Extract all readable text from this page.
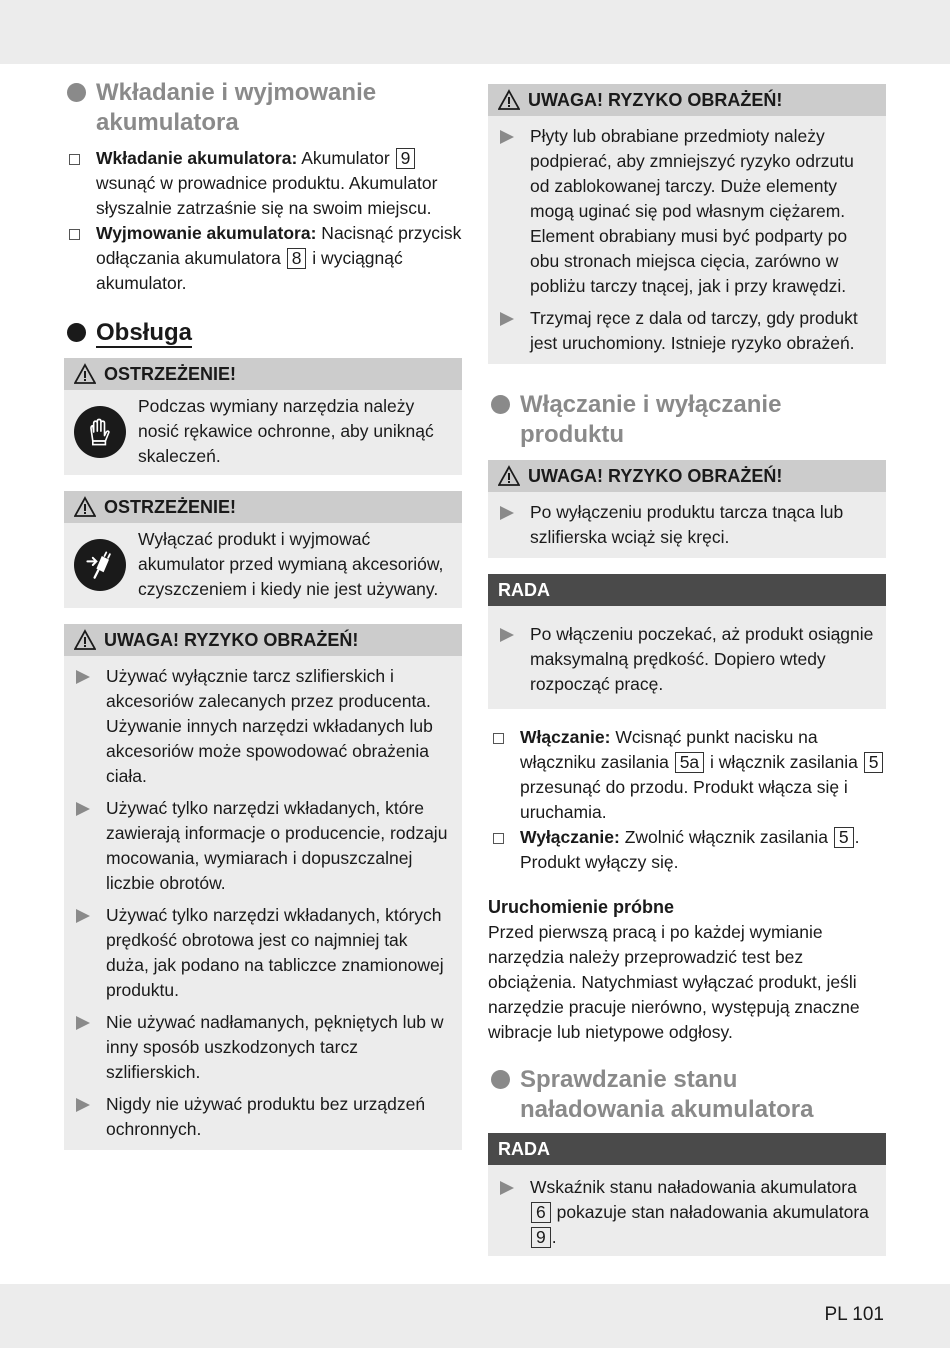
Wkładanie i wyjmowanie akumulatora
Wkładanie akumulatora: Akumulator 9 wsunąć w prowadnice produktu. Akumulator słyszalnie zatrzaśnie się na swoim miejscu.
Wyjmowanie akumulatora: Nacisnąć przycisk odłączania akumulatora 8 i wyciągnąć akumulator.
Obsługa
OSTRZEŻENIE!
Podczas wymiany narzędzia należy nosić rękawice ochronne, aby uniknąć skaleczeń.
OSTRZEŻENIE!
Wyłączać produkt i wyjmować akumulator przed wymianą akcesoriów, czyszczeniem i kiedy nie jest używany.
UWAGA! RYZYKO OBRAŻEŃ!
Używać wyłącznie tarcz szlifierskich i akcesoriów zalecanych przez producenta. Używanie innych narzędzi wkładanych lub akcesoriów może spowodować obrażenia ciała.
Używać tylko narzędzi wkładanych, które zawierają informacje o producencie, rodzaju mocowania, wymiarach i dopuszczalnej liczbie obrotów.
Używać tylko narzędzi wkładanych, których prędkość obrotowa jest co najmniej tak duża, jak podano na tabliczce znamionowej produktu.
Nie używać nadłamanych, pękniętych lub w inny sposób uszkodzonych tarcz szlifierskich.
Nigdy nie używać produktu bez urządzeń ochronnych.
UWAGA! RYZYKO OBRAŻEŃ!
Płyty lub obrabiane przedmioty należy podpierać, aby zmniejszyć ryzyko odrzutu od zablokowanej tarczy. Duże elementy mogą uginać się pod własnym ciężarem. Element obrabiany musi być podparty po obu stronach miejsca cięcia, zarówno w pobliżu tarczy tnącej, jak i przy krawędzi.
Trzymaj ręce z dala od tarczy, gdy produkt jest uruchomiony. Istnieje ryzyko obrażeń.
Włączanie i wyłączanie produktu
UWAGA! RYZYKO OBRAŻEŃ!
Po wyłączeniu produktu tarcza tnąca lub szlifierska wciąż się kręci.
RADA
Po włączeniu poczekać, aż produkt osiągnie maksymalną prędkość. Dopiero wtedy rozpocząć pracę.
Włączanie: Wcisnąć punkt nacisku na włączniku zasilania 5a i włącznik zasilania 5 przesunąć do przodu. Produkt włącza się i uruchamia.
Wyłączanie: Zwolnić włącznik zasilania 5 . Produkt wyłączy się.
Uruchomienie próbne
Przed pierwszą pracą i po każdej wymianie narzędzia należy przeprowadzić test bez obciążenia. Natychmiast wyłączać produkt, jeśli narzędzie pracuje nierówno, występują znaczne wibracje lub nietypowe odgłosy.
Sprawdzanie stanu naładowania akumulatora
RADA
Wskaźnik stanu naładowania akumulatora 6 pokazuje stan naładowania akumulatora 9 .
PL 101
